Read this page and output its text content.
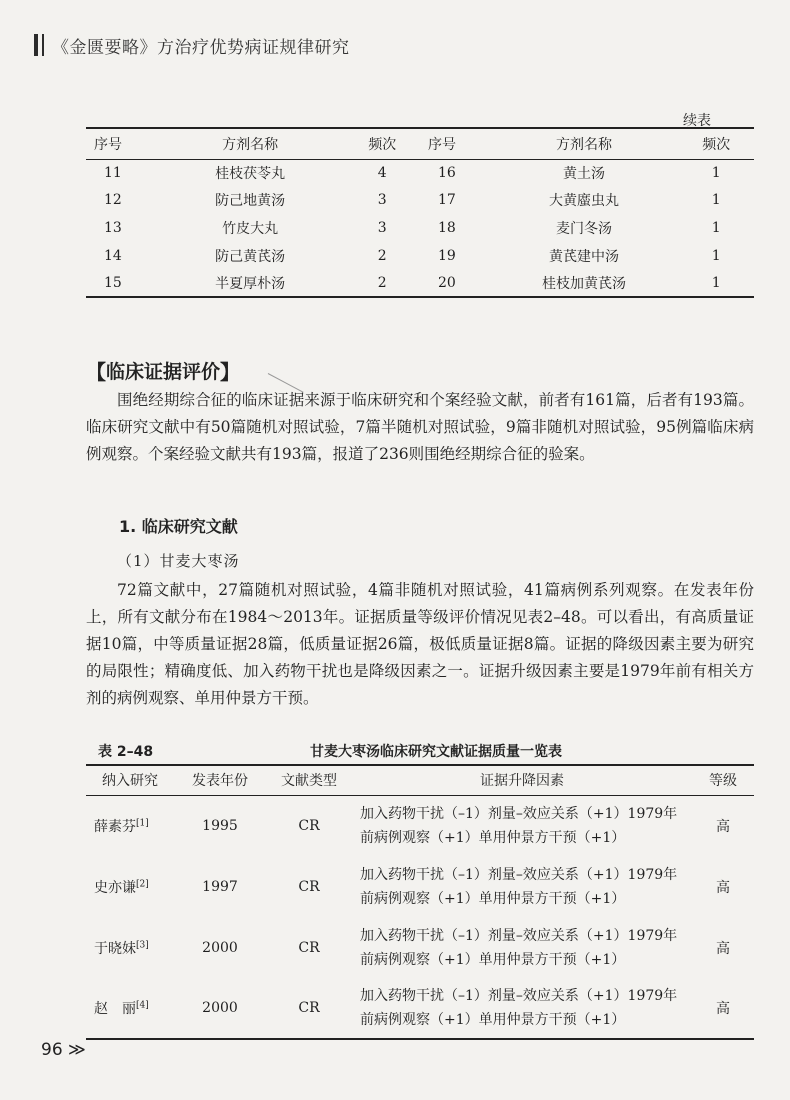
《金匮要略》方治疗优势病证规律研究
续表
序号	方剂名称	频次	序号	方剂名称	频次
11	桂枝茯苓丸	4	16	黄土汤	1
12	防己地黄汤	3	17	大黄䗪虫丸	1
13	竹皮大丸	3	18	麦门冬汤	1
14	防己黄芪汤	2	19	黄芪建中汤	1
15	半夏厚朴汤	2	20	桂枝加黄芪汤	1
【 临床证据评价 】

围绝经期综合征的临床证据来源于临床研究和个案经验文献，前者有161篇，后者有193篇。临床研究文献中有50篇随机对照试验，7篇半随机对照试验，9篇非随机对照试验，95例篇临床病例观察。个案经验文献共有193篇，报道了236则围绝经期综合征的验案。

1. 临床研究文献
（1）甘麦大枣汤

72篇文献中，27篇随机对照试验，4篇非随机对照试验，41篇病例系列观察。在发表年份上，所有文献分布在1984～2013年。证据质量等级评价情况见表2–48。可以看出，有高质量证据10篇，中等质量证据28篇，低质量证据26篇，极低质量证据8篇。证据的降级因素主要为研究的局限性；精确度低、加入药物干扰也是降级因素之一。证据升级因素主要是1979年前有相关方剂的病例观察、单用仲景方干预。

表 2–48	甘麦大枣汤临床研究文献证据质量一览表
纳入研究	发表年份	文献类型	证据升降因素	等级
薛素芬[1]	1995	CR	加入药物干扰（–1）剂量–效应关系（+1）1979年
前病例观察（+1）单用仲景方干预（+1）	高
史亦谦[2]	1997	CR	加入药物干扰（–1）剂量–效应关系（+1）1979年
前病例观察（+1）单用仲景方干预（+1）	高
于晓妹[3]	2000	CR	加入药物干扰（–1）剂量–效应关系（+1）1979年
前病例观察（+1）单用仲景方干预（+1）	高
赵　丽[4]	2000	CR	加入药物干扰（–1）剂量–效应关系（+1）1979年
前病例观察（+1）单用仲景方干预（+1）	高
96 ≫
